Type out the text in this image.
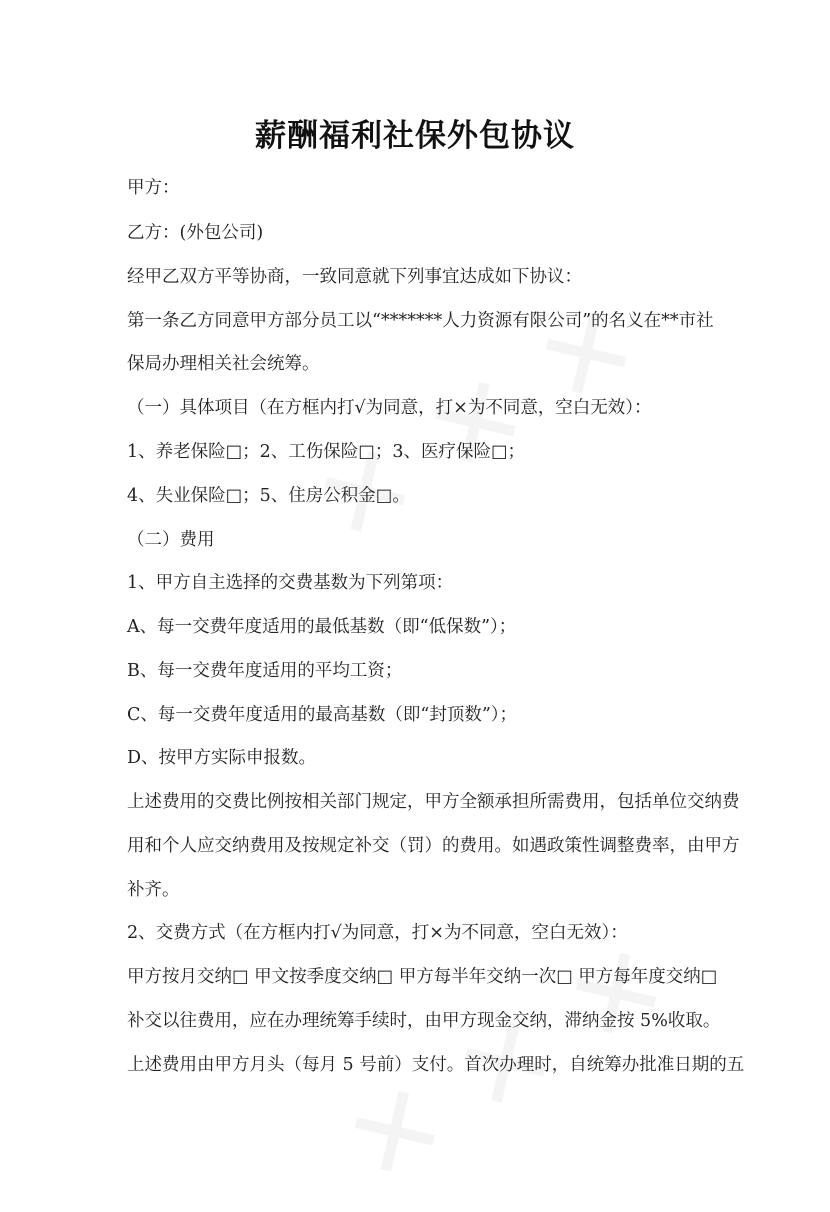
薪酬福利社保外包协议
甲方：
乙方：(外包公司)
经甲乙双方平等协商，一致同意就下列事宜达成如下协议：
第一条乙方同意甲方部分员工以“*******人力资源有限公司”的名义在**市社
保局办理相关社会统筹。
（一）具体项目（在方框内打√为同意，打×为不同意，空白无效）：
1、养老保险□；2、工伤保险□；3、医疗保险□；
4、失业保险□；5、住房公积金□。
（二）费用
1、甲方自主选择的交费基数为下列第项：
A、每一交费年度适用的最低基数（即“低保数”）；
B、每一交费年度适用的平均工资；
C、每一交费年度适用的最高基数（即“封顶数”）；
D、按甲方实际申报数。
上述费用的交费比例按相关部门规定，甲方全额承担所需费用，包括单位交纳费
用和个人应交纳费用及按规定补交（罚）的费用。如遇政策性调整费率，由甲方
补齐。
2、交费方式（在方框内打√为同意，打×为不同意，空白无效）：
甲方按月交纳□ 甲文按季度交纳□ 甲方每半年交纳一次□ 甲方每年度交纳□
补交以往费用，应在办理统筹手续时，由甲方现金交纳，滞纳金按 5%收取。
上述费用由甲方月头（每月 5 号前）支付。首次办理时，自统筹办批准日期的五
